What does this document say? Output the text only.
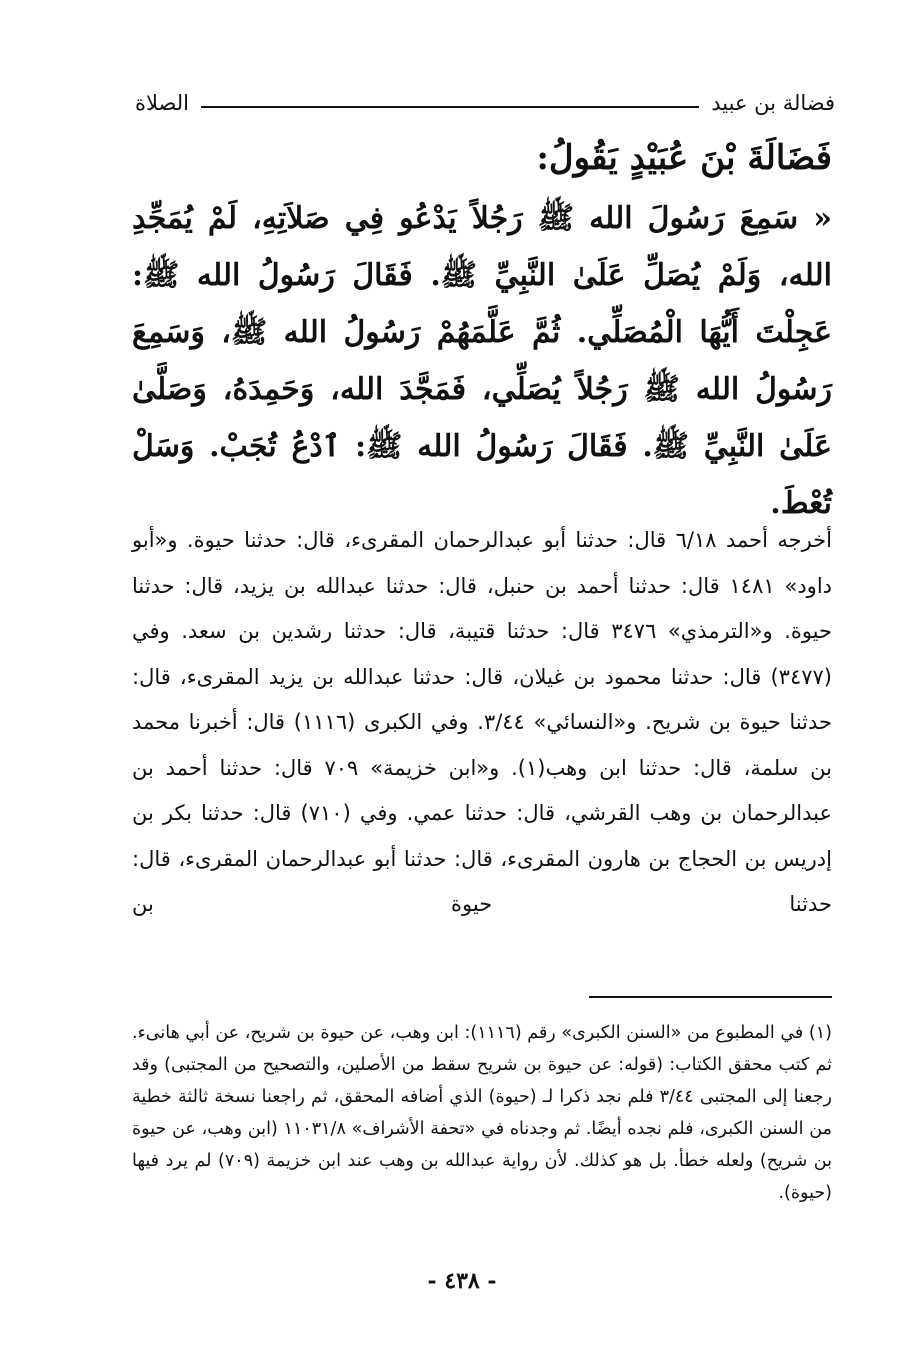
الصلاة	فضالة بن عبيد
فَضَالَةَ بْنَ عُبَيْدٍ يَقُولُ:
« سَمِعَ رَسُولَ الله ﷺ رَجُلاً يَدْعُو فِي صَلاَتِهِ، لَمْ يُمَجِّدِ الله، وَلَمْ يُصَلِّ عَلَىٰ النَّبِيِّ ﷺ. فَقَالَ رَسُولُ الله ﷺ: عَجِلْتَ أَيُّهَا الْمُصَلِّي. ثُمَّ عَلَّمَهُمْ رَسُولُ الله ﷺ، وَسَمِعَ رَسُولُ الله ﷺ رَجُلاً يُصَلِّي، فَمَجَّدَ الله، وَحَمِدَهُ، وَصَلَّىٰ عَلَىٰ النَّبِيِّ ﷺ. فَقَالَ رَسُولُ الله ﷺ: ٱدْعُ تُجَبْ. وَسَلْ تُعْطَ.
أخرجه أحمد ٦/١٨ قال: حدثنا أبو عبدالرحمان المقرىء، قال: حدثنا حيوة. و«أبو داود» ١٤٨١ قال: حدثنا أحمد بن حنبل، قال: حدثنا عبدالله بن يزيد، قال: حدثنا حيوة. و«الترمذي» ٣٤٧٦ قال: حدثنا قتيبة، قال: حدثنا رشدين بن سعد. وفي (٣٤٧٧) قال: حدثنا محمود بن غيلان، قال: حدثنا عبدالله بن يزيد المقرىء، قال: حدثنا حيوة بن شريح. و«النسائي» ٣/٤٤. وفي الكبرى (١١١٦) قال: أخبرنا محمد بن سلمة، قال: حدثنا ابن وهب(١). و«ابن خزيمة» ٧٠٩ قال: حدثنا أحمد بن عبدالرحمان بن وهب القرشي، قال: حدثنا عمي. وفي (٧١٠) قال: حدثنا بكر بن إدريس بن الحجاج بن هارون المقرىء، قال: حدثنا أبو عبدالرحمان المقرىء، قال: حدثنا حيوة بن
(١) في المطبوع من «السنن الكبرى» رقم (١١١٦): ابن وهب، عن حيوة بن شريح، عن أبي هانىء. ثم كتب محقق الكتاب: (قوله: عن حيوة بن شريح سقط من الأصلين، والتصحيح من المجتبى) وقد رجعنا إلى المجتبى ٣/٤٤ فلم نجد ذكرا لـ (حيوة) الذي أضافه المحقق، ثم راجعنا نسخة ثالثة خطية من السنن الكبرى، فلم نجده أيضًا. ثم وجدناه في «تحفة الأشراف» ١١٠٣١/٨ (ابن وهب، عن حيوة بن شريح) ولعله خطأ. بل هو كذلك. لأن رواية عبدالله بن وهب عند ابن خزيمة (٧٠٩) لم يرد فيها (حيوة).
- ٤٣٨ -
